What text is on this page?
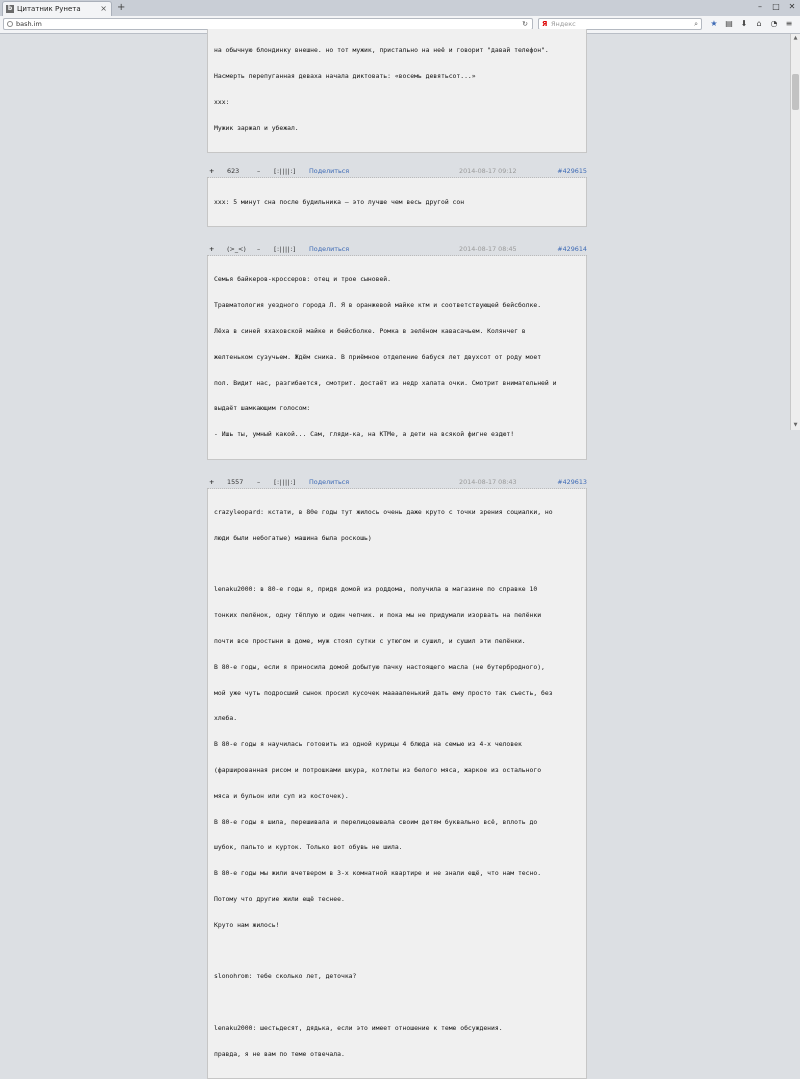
b Цитатник Рунета × +	–	□	✕
bash.im	↻ Я Яндекс	⌕	★ ▤ ⬇	⌂	◔	≡

на обычную блондинку внешне. но тот мужик, пристально на неё и говорит "давай телефон".

Насмерть перепуганная девахa начала диктовать: «восемь девятьсот...»

xxx:

Мужик заржал и убежал.

+ 623	– [:||||:] Поделиться	2014-08-17 09:12	#429615

xxx: 5 минут сна после будильника – это лучше чем весь другой сон

+ (>_<) – [:||||:] Поделиться	2014-08-17 08:45	#429614

Семья байкеров-кроссеров: отец и трое сыновей.

Травматология уездного города Л. Я в оранжевой майке ктм и соответствующей бейсболке.

Лёха в синей яхаховской майке и бейсболке. Ромка в зелёном кавасачьем. Колянчег в

желтеньком сузучьем. Ждём сника. В приёмное отделение бабуся лет двухсот от роду моет

пол. Видит нас, разгибается, смотрит. достаёт из недр халата очки. Смотрит внимательней и

выдаёт шамкающим голосом:

- Ишь ты, умный какой... Сам, гляди-ка, на КТМе, а дети на всякой фигне ездют!

+ 1557 – [:||||:] Поделиться	2014-08-17 08:43	#429613

crazyleopard: кстати, в 80е годы тут жилось очень даже круто с точки зрения социалки, но

люди были небогатые) машина была роскошь)

lenaku2000: в 80-е годы я, придя домой из роддома, получила в магазине по справке 10

тонких пелёнок, одну тёплую и один чепчик. и пока мы не придумали изорвать на пелёнки

почти все простыни в доме, муж стоял сутки с утюгом и сушил, и сушил эти пелёнки.

В 80-е годы, если я приносила домой добытую пачку настоящего масла (не бутербродного),

мой уже чуть подросший сынок просил кусочек мааааленький дать ему просто так съесть, без

хлеба.

В 80-е годы я научилась готовить из одной курицы 4 блюда на семью из 4-х человек

(фаршированная рисом и потрошками шкура, котлеты из белого мяса, жаркое из остального

мяса и бульон или суп из косточек).

В 80-е годы я шила, перешивала и перелицовывала своим детям буквально всё, вплоть до

шубок, пальто и курток. Только вот обувь не шила.

В 80-е годы мы жили вчетвером в 3-х комнатной квартире и не знали ещё, что нам тесно.

Потому что другие жили ещё теснее.

Круто нам жилось!

slonohrom: тебе сколько лет, деточка?

lenaku2000: шестьдесят, дядька, если это имеет отношение к теме обсуждения.

правда, я не вам по теме отвечала.

▲
▼
